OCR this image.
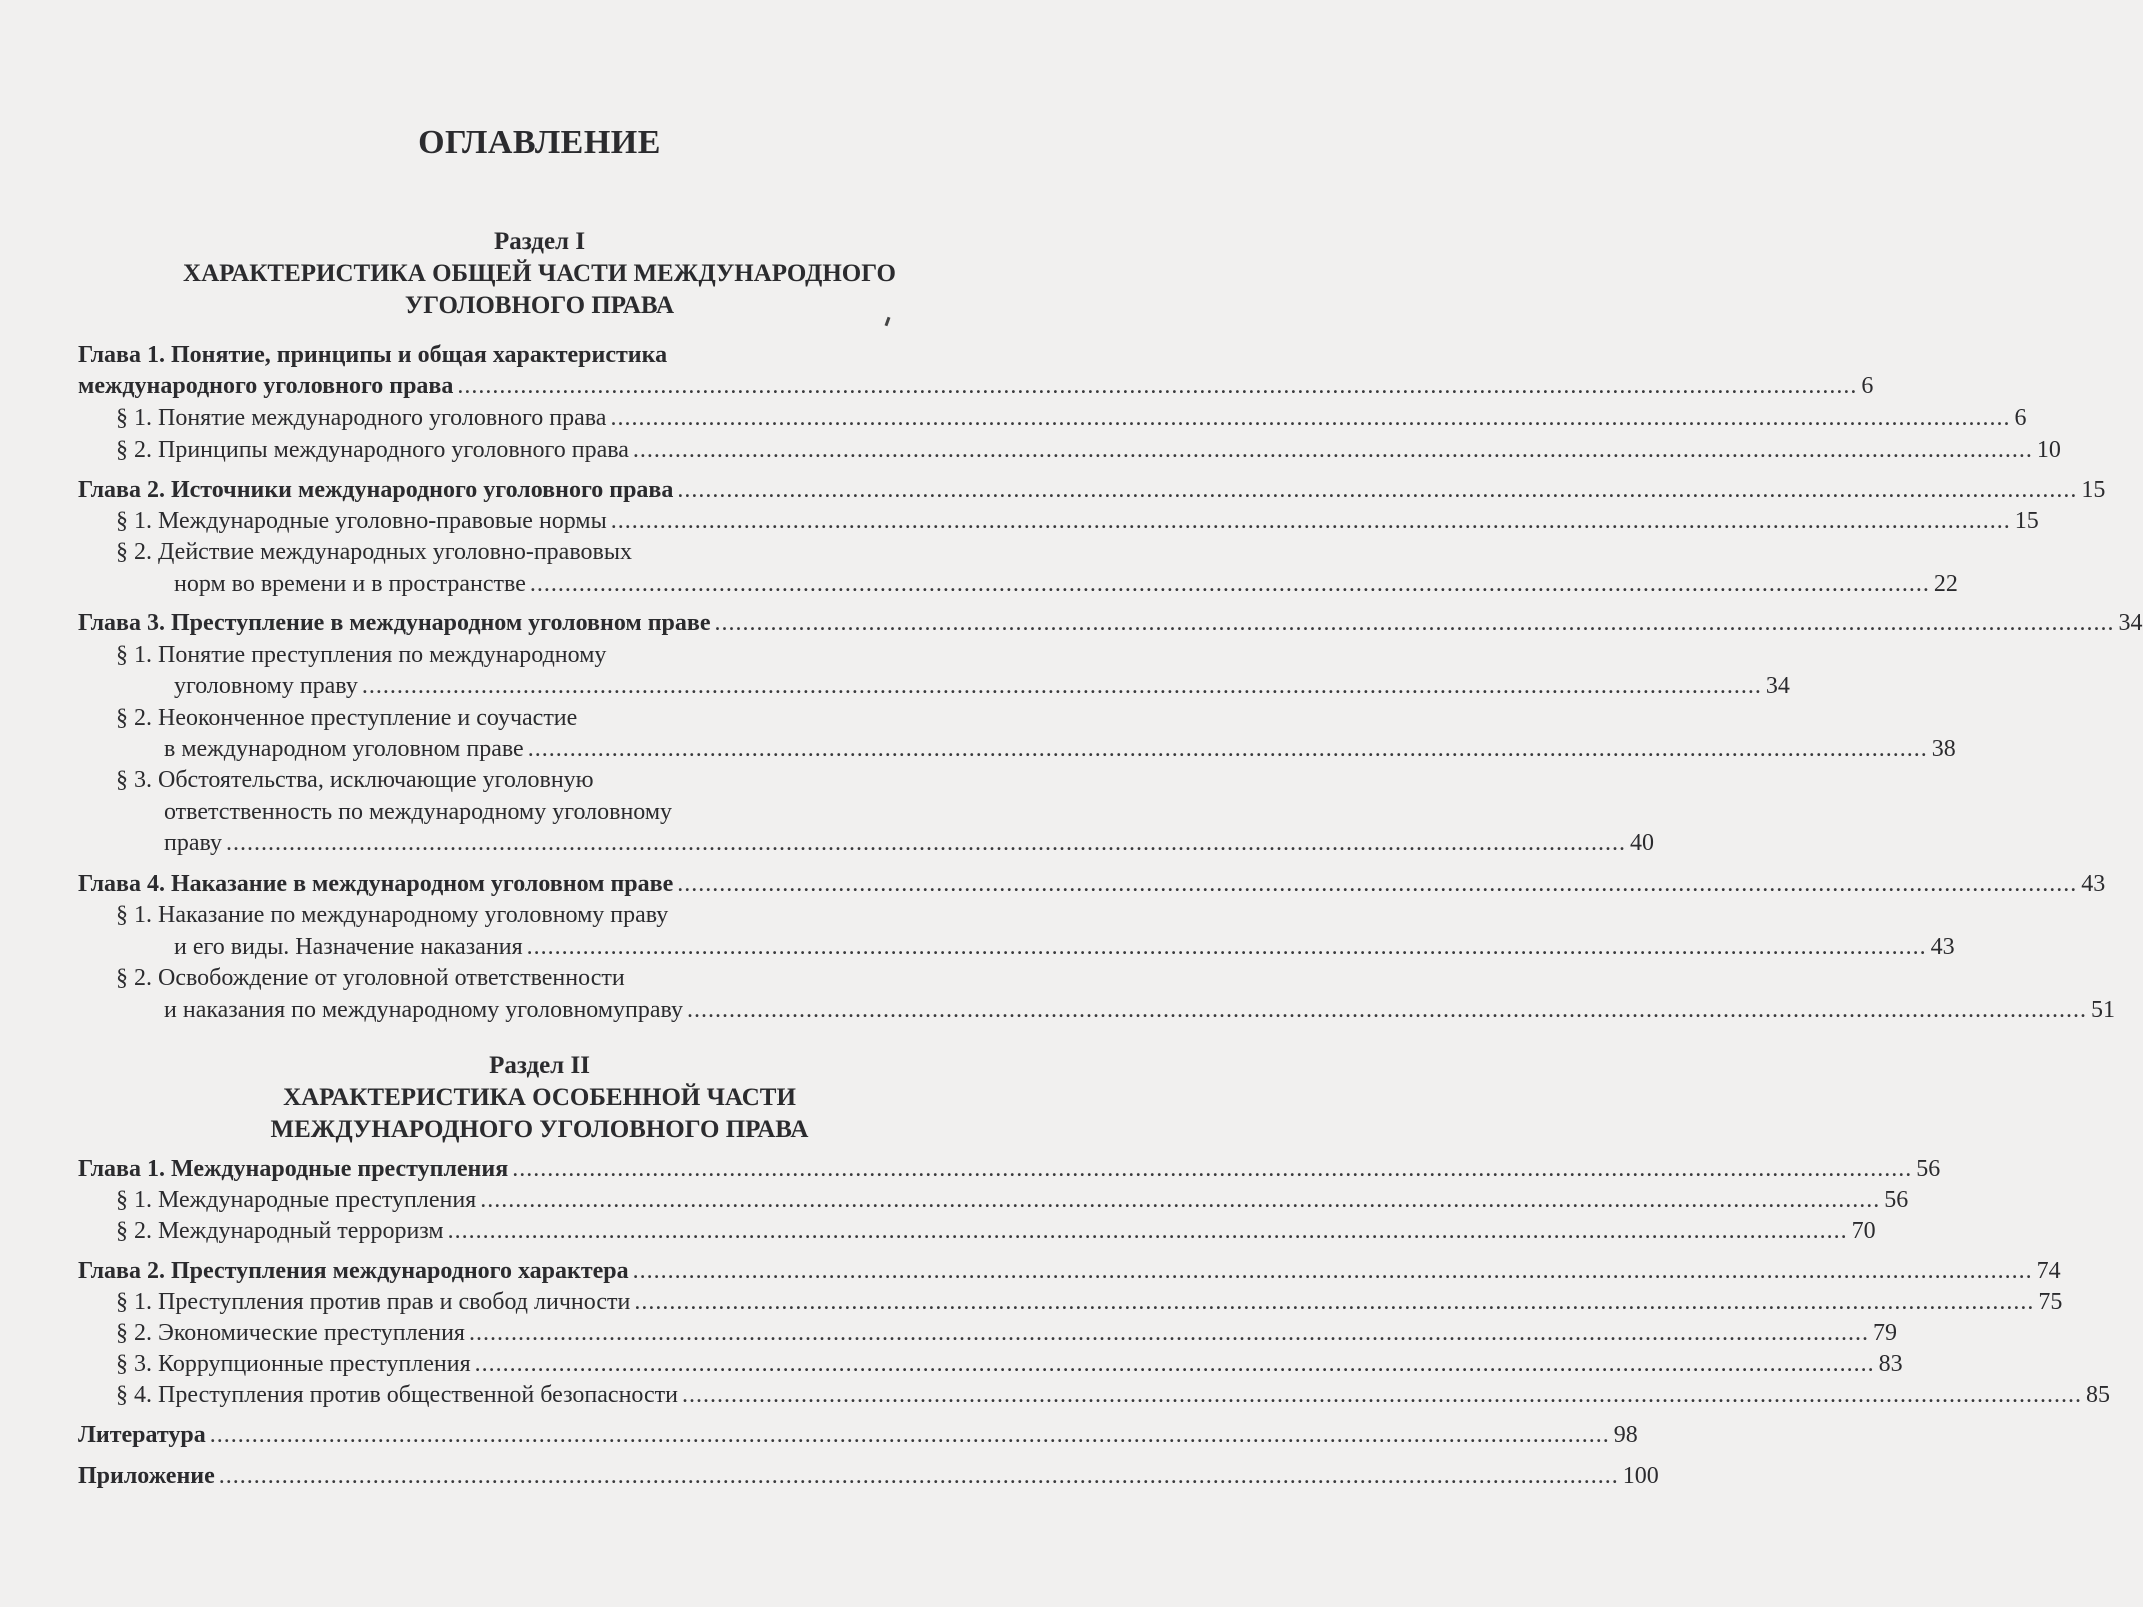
ОГЛАВЛЕНИЕ
Раздел I
ХАРАКТЕРИСТИКА ОБЩЕЙ ЧАСТИ МЕЖДУНАРОДНОГО
УГОЛОВНОГО ПРАВА
Глава 1. Понятие, принципы и общая характеристика
международного уголовного права ........................................................................................................................................................................................................ 6
§ 1. Понятие международного уголовного права ........................................................................................................................................................................................................ 6
§ 2. Принципы международного уголовного права ........................................................................................................................................................................................................ 10
Глава 2. Источники международного уголовного права ........................................................................................................................................................................................................ 15
§ 1. Международные уголовно-правовые нормы ........................................................................................................................................................................................................ 15
§ 2. Действие международных уголовно-правовых
норм во времени и в пространстве ........................................................................................................................................................................................................ 22
Глава 3. Преступление в международном уголовном праве ........................................................................................................................................................................................................ 34
§ 1. Понятие преступления по международному
уголовному праву ........................................................................................................................................................................................................ 34
§ 2. Неоконченное преступление и соучастие
в международном уголовном праве ........................................................................................................................................................................................................ 38
§ 3. Обстоятельства, исключающие уголовную
ответственность по международному уголовному
праву ........................................................................................................................................................................................................ 40
Глава 4. Наказание в международном уголовном праве ........................................................................................................................................................................................................ 43
§ 1. Наказание по международному уголовному праву
и его виды. Назначение наказания ........................................................................................................................................................................................................ 43
§ 2. Освобождение от уголовной ответственности
и наказания по международному уголовномуправу ........................................................................................................................................................................................................ 51
Раздел II
ХАРАКТЕРИСТИКА ОСОБЕННОЙ ЧАСТИ
МЕЖДУНАРОДНОГО УГОЛОВНОГО ПРАВА
Глава 1. Международные преступления ........................................................................................................................................................................................................ 56
§ 1. Международные преступления ........................................................................................................................................................................................................ 56
§ 2. Международный терроризм ........................................................................................................................................................................................................ 70
Глава 2. Преступления международного характера ........................................................................................................................................................................................................ 74
§ 1. Преступления против прав и свобод личности ........................................................................................................................................................................................................ 75
§ 2. Экономические преступления ........................................................................................................................................................................................................ 79
§ 3. Коррупционные преступления ........................................................................................................................................................................................................ 83
§ 4. Преступления против общественной безопасности ........................................................................................................................................................................................................ 85
Литература ........................................................................................................................................................................................................ 98
Приложение ........................................................................................................................................................................................................ 100
